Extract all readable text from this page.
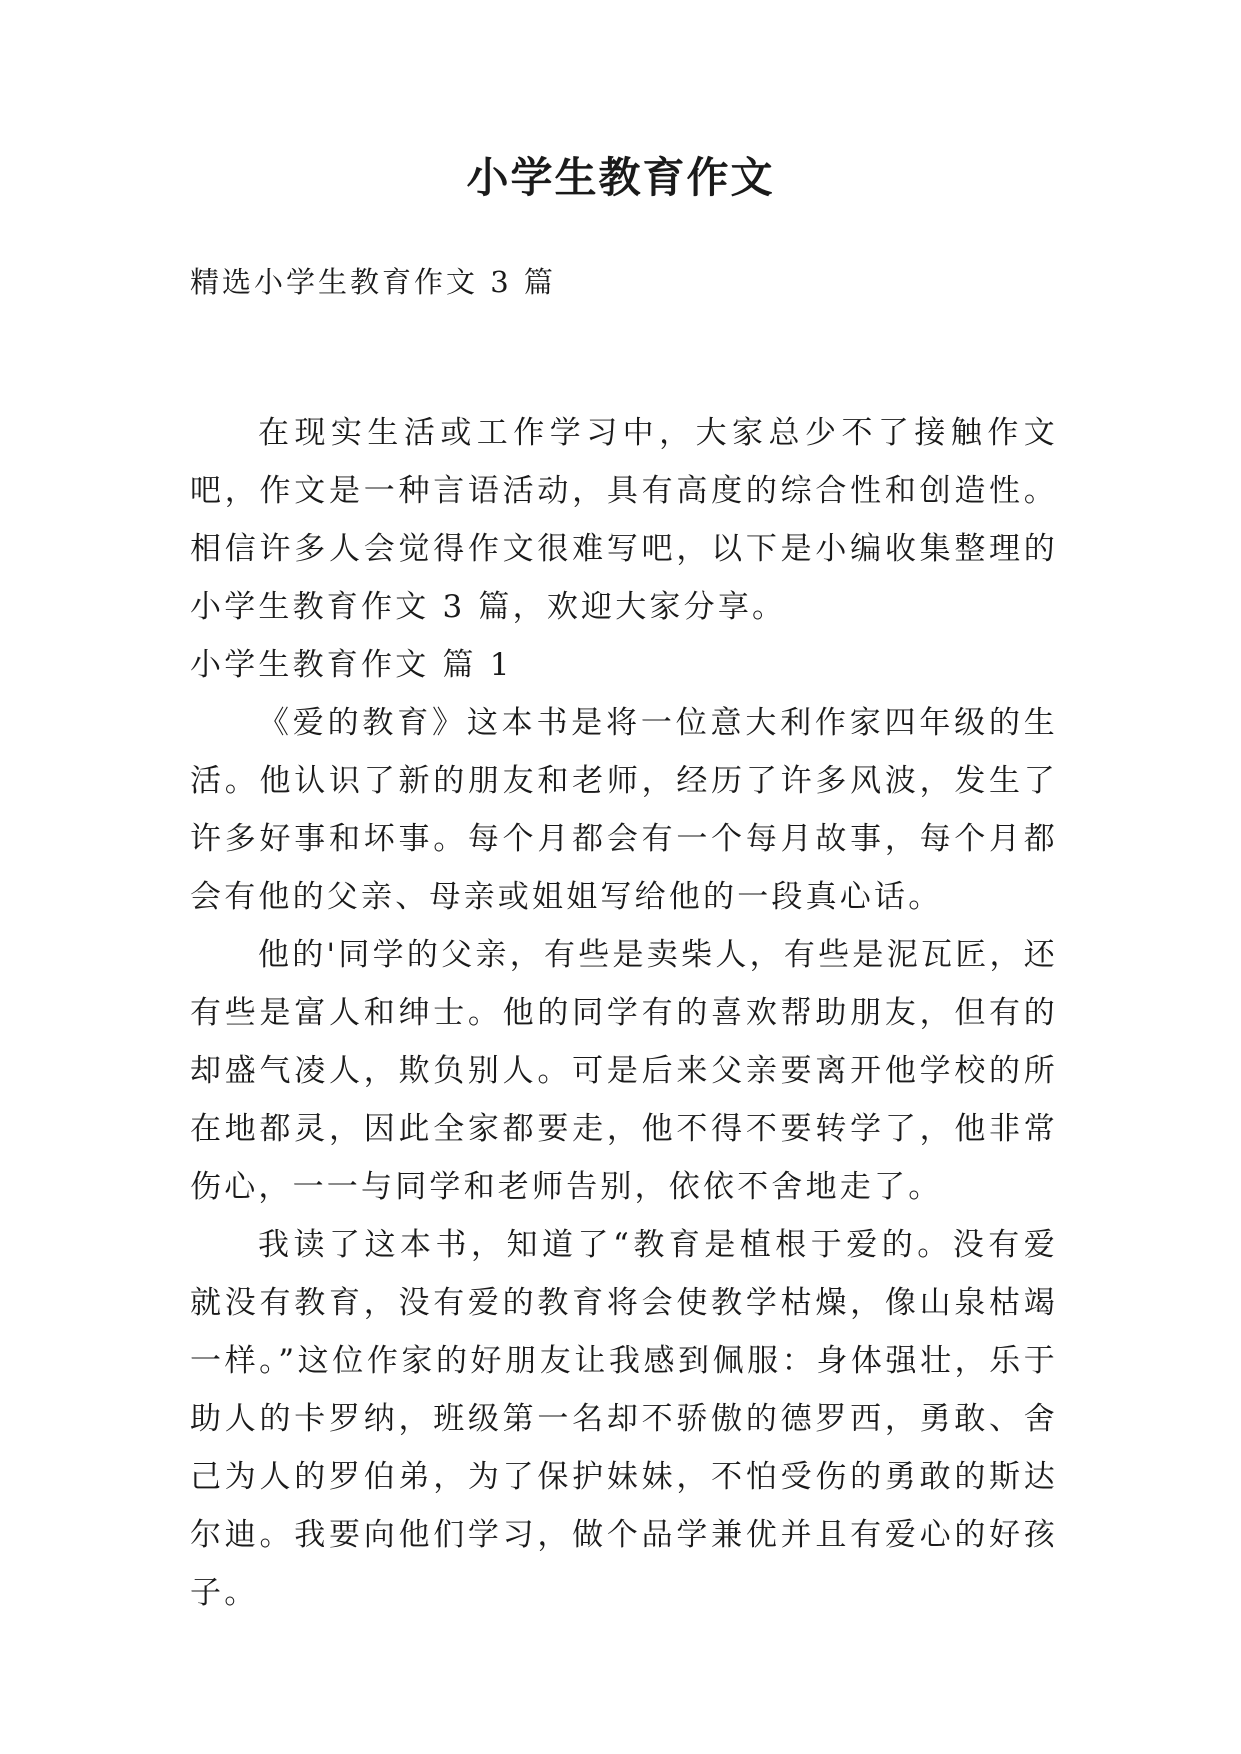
小学生教育作文
精选小学生教育作文 3 篇

在现实生活或工作学习中，大家总少不了接触作文吧，作文是一种言语活动，具有高度的综合性和创造性。相信许多人会觉得作文很难写吧，以下是小编收集整理的小学生教育作文 3 篇，欢迎大家分享。

小学生教育作文 篇 1

《爱的教育》这本书是将一位意大利作家四年级的生活。他认识了新的朋友和老师，经历了许多风波，发生了许多好事和坏事。每个月都会有一个每月故事，每个月都会有他的父亲、母亲或姐姐写给他的一段真心话。

他的'同学的父亲，有些是卖柴人，有些是泥瓦匠，还有些是富人和绅士。他的同学有的喜欢帮助朋友，但有的却盛气凌人，欺负别人。可是后来父亲要离开他学校的所在地都灵，因此全家都要走，他不得不要转学了，他非常伤心，一一与同学和老师告别，依依不舍地走了。

我读了这本书，知道了“教育是植根于爱的。没有爱就没有教育，没有爱的教育将会使教学枯燥，像山泉枯竭一样。”这位作家的好朋友让我感到佩服：身体强壮，乐于助人的卡罗纳，班级第一名却不骄傲的德罗西，勇敢、舍己为人的罗伯弟，为了保护妹妹，不怕受伤的勇敢的斯达尔迪。我要向他们学习，做个品学兼优并且有爱心的好孩子。
